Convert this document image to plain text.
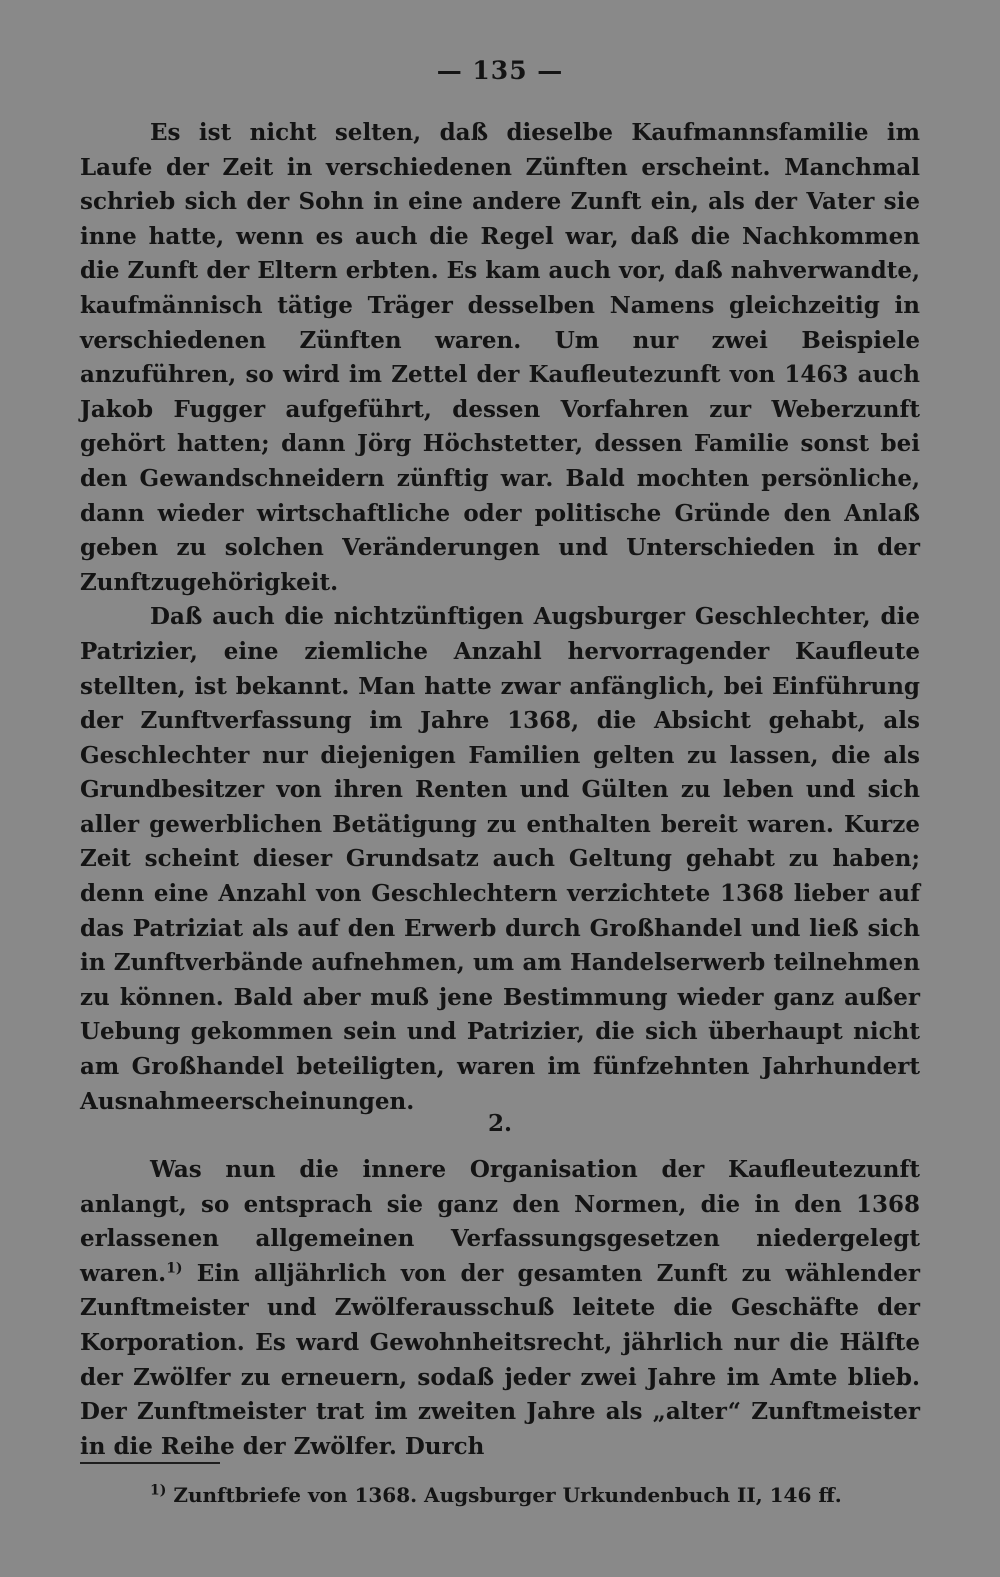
— 135 —

Es ist nicht selten, daß dieselbe Kaufmannsfamilie im Laufe der Zeit in verschiedenen Zünften erscheint. Manchmal schrieb sich der Sohn in eine andere Zunft ein, als der Vater sie inne hatte, wenn es auch die Regel war, daß die Nachkommen die Zunft der Eltern erbten. Es kam auch vor, daß nahverwandte, kaufmännisch tätige Träger desselben Namens gleichzeitig in verschiedenen Zünften waren. Um nur zwei Beispiele anzuführen, so wird im Zettel der Kaufleutezunft von 1463 auch Jakob Fugger aufgeführt, dessen Vorfahren zur Weberzunft gehört hatten; dann Jörg Höchstetter, dessen Familie sonst bei den Gewandschneidern zünftig war. Bald mochten persönliche, dann wieder wirtschaftliche oder politische Gründe den Anlaß geben zu solchen Veränderungen und Unterschieden in der Zunftzugehörigkeit.

Daß auch die nichtzünftigen Augsburger Geschlechter, die Patrizier, eine ziemliche Anzahl hervorragender Kaufleute stellten, ist bekannt. Man hatte zwar anfänglich, bei Einführung der Zunftverfassung im Jahre 1368, die Absicht gehabt, als Geschlechter nur diejenigen Familien gelten zu lassen, die als Grundbesitzer von ihren Renten und Gülten zu leben und sich aller gewerblichen Betätigung zu enthalten bereit waren. Kurze Zeit scheint dieser Grundsatz auch Geltung gehabt zu haben; denn eine Anzahl von Geschlechtern verzichtete 1368 lieber auf das Patriziat als auf den Erwerb durch Großhandel und ließ sich in Zunftverbände aufnehmen, um am Handelserwerb teilnehmen zu können. Bald aber muß jene Bestimmung wieder ganz außer Uebung gekommen sein und Patrizier, die sich überhaupt nicht am Großhandel beteiligten, waren im fünfzehnten Jahrhundert Ausnahmeerscheinungen.

2.

Was nun die innere Organisation der Kaufleutezunft anlangt, so entsprach sie ganz den Normen, die in den 1368 erlassenen allgemeinen Verfassungsgesetzen niedergelegt waren.$^{1)}$ Ein alljährlich von der gesamten Zunft zu wählender Zunftmeister und Zwölferausschuß leitete die Geschäfte der Korporation. Es ward Gewohnheitsrecht, jährlich nur die Hälfte der Zwölfer zu erneuern, sodaß jeder zwei Jahre im Amte blieb. Der Zunftmeister trat im zweiten Jahre als „alter“ Zunftmeister in die Reihe der Zwölfer. Durch

$^{1)}$ Zunftbriefe von 1368. Augsburger Urkundenbuch II, 146 ff.
